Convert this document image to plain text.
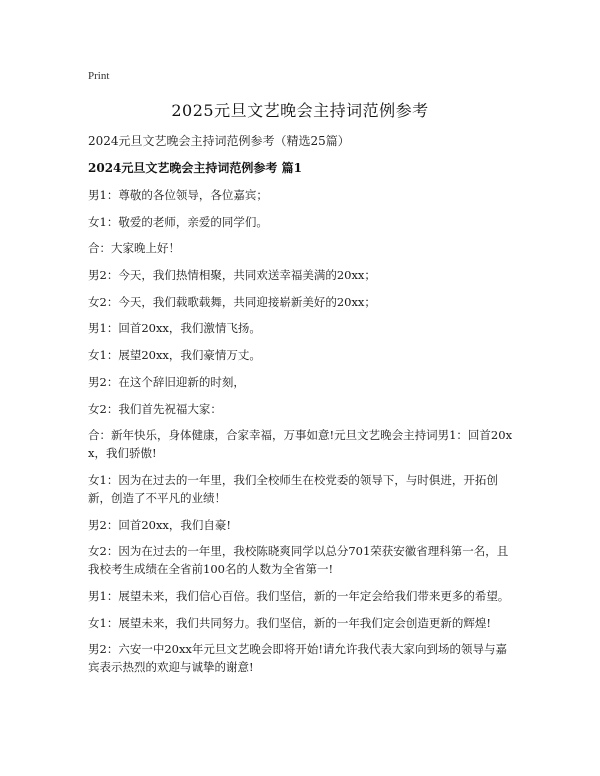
Print
2025元旦文艺晚会主持词范例参考
2024元旦文艺晚会主持词范例参考（精选25篇）
2024元旦文艺晚会主持词范例参考 篇1

男1：尊敬的各位领导，各位嘉宾；

女1：敬爱的老师，亲爱的同学们。

合：大家晚上好！

男2：今天，我们热情相聚，共同欢送幸福美满的20xx；

女2：今天，我们载歌载舞，共同迎接崭新美好的20xx；

男1：回首20xx，我们激情飞扬。

女1：展望20xx，我们豪情万丈。

男2：在这个辞旧迎新的时刻，

女2：我们首先祝福大家：

合：新年快乐，身体健康，合家幸福，万事如意!元旦文艺晚会主持词男1：回首20xx，我们骄傲!

女1：因为在过去的一年里，我们全校师生在校党委的领导下，与时俱进，开拓创新，创造了不平凡的业绩！

男2：回首20xx，我们自豪!

女2：因为在过去的一年里，我校陈晓爽同学以总分701荣获安徽省理科第一名，且我校考生成绩在全省前100名的人数为全省第一!

男1：展望未来，我们信心百倍。我们坚信，新的一年定会给我们带来更多的希望。

女1：展望未来，我们共同努力。我们坚信，新的一年我们定会创造更新的辉煌!

男2：六安一中20xx年元旦文艺晚会即将开始!请允许我代表大家向到场的领导与嘉宾表示热烈的欢迎与诚挚的谢意!
